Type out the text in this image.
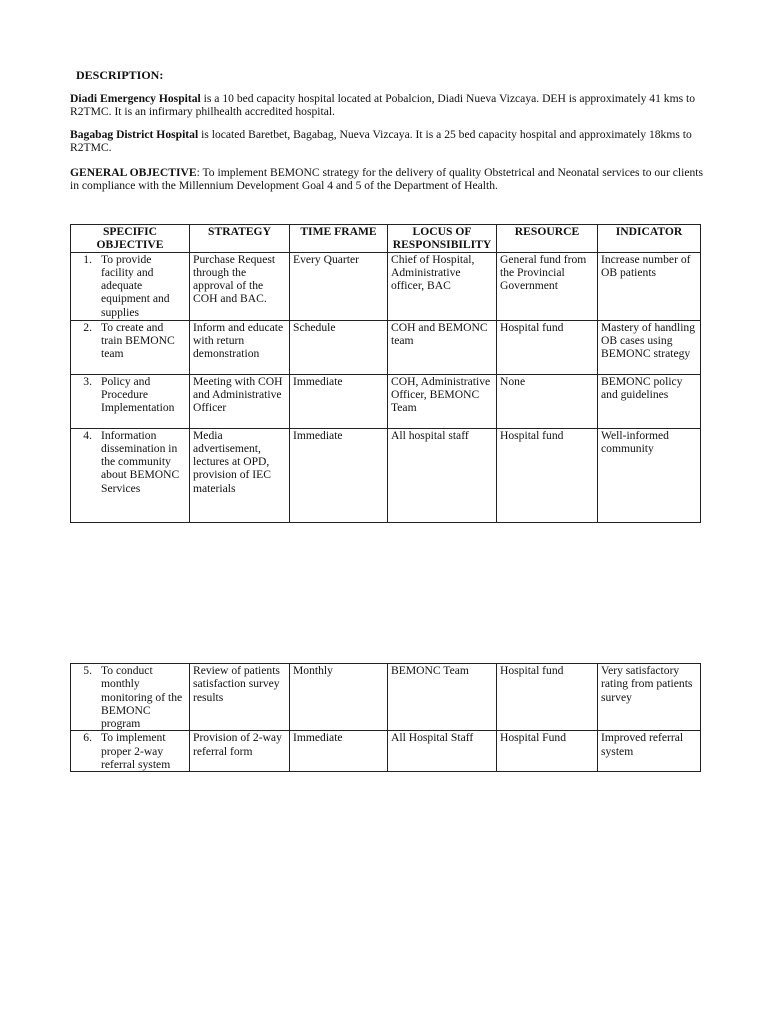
DESCRIPTION:
Diadi Emergency Hospital is a 10 bed capacity hospital located at Pobalcion, Diadi Nueva Vizcaya. DEH is approximately 41 kms to R2TMC. It is an infirmary philhealth accredited hospital.
Bagabag District Hospital is located Baretbet, Bagabag, Nueva Vizcaya. It is a 25 bed capacity hospital and approximately 18kms to R2TMC.
GENERAL OBJECTIVE: To implement BEMONC strategy for the delivery of quality Obstetrical and Neonatal services to our clients in compliance with the Millennium Development Goal 4 and 5 of the Department of Health.
SPECIFIC OBJECTIVE	STRATEGY	TIME FRAME	LOCUS OF RESPONSIBILITY	RESOURCE	INDICATOR

1. To provide facility and adequate equipment and supplies	Purchase Request through the approval of the COH and BAC.	Every Quarter	Chief of Hospital, Administrative officer, BAC	General fund from the Provincial Government	Increase number of OB patients

2. To create and train BEMONC team	Inform and educate with return demonstration	Schedule	COH and BEMONC team	Hospital fund	Mastery of handling OB cases using BEMONC strategy

3. Policy and Procedure Implementation	Meeting with COH and Administrative Officer	Immediate	COH, Administrative Officer, BEMONC Team	None	BEMONC policy and guidelines

4. Information dissemination in the community about BEMONC Services	Media advertisement, lectures at OPD, provision of IEC materials	Immediate	All hospital staff	Hospital fund	Well-informed community
5. To conduct monthly monitoring of the BEMONC program	Review of patients satisfaction survey results	Monthly	BEMONC Team	Hospital fund	Very satisfactory rating from patients survey

6. To implement proper 2-way referral system	Provision of 2-way referral form	Immediate	All Hospital Staff	Hospital Fund	Improved referral system
